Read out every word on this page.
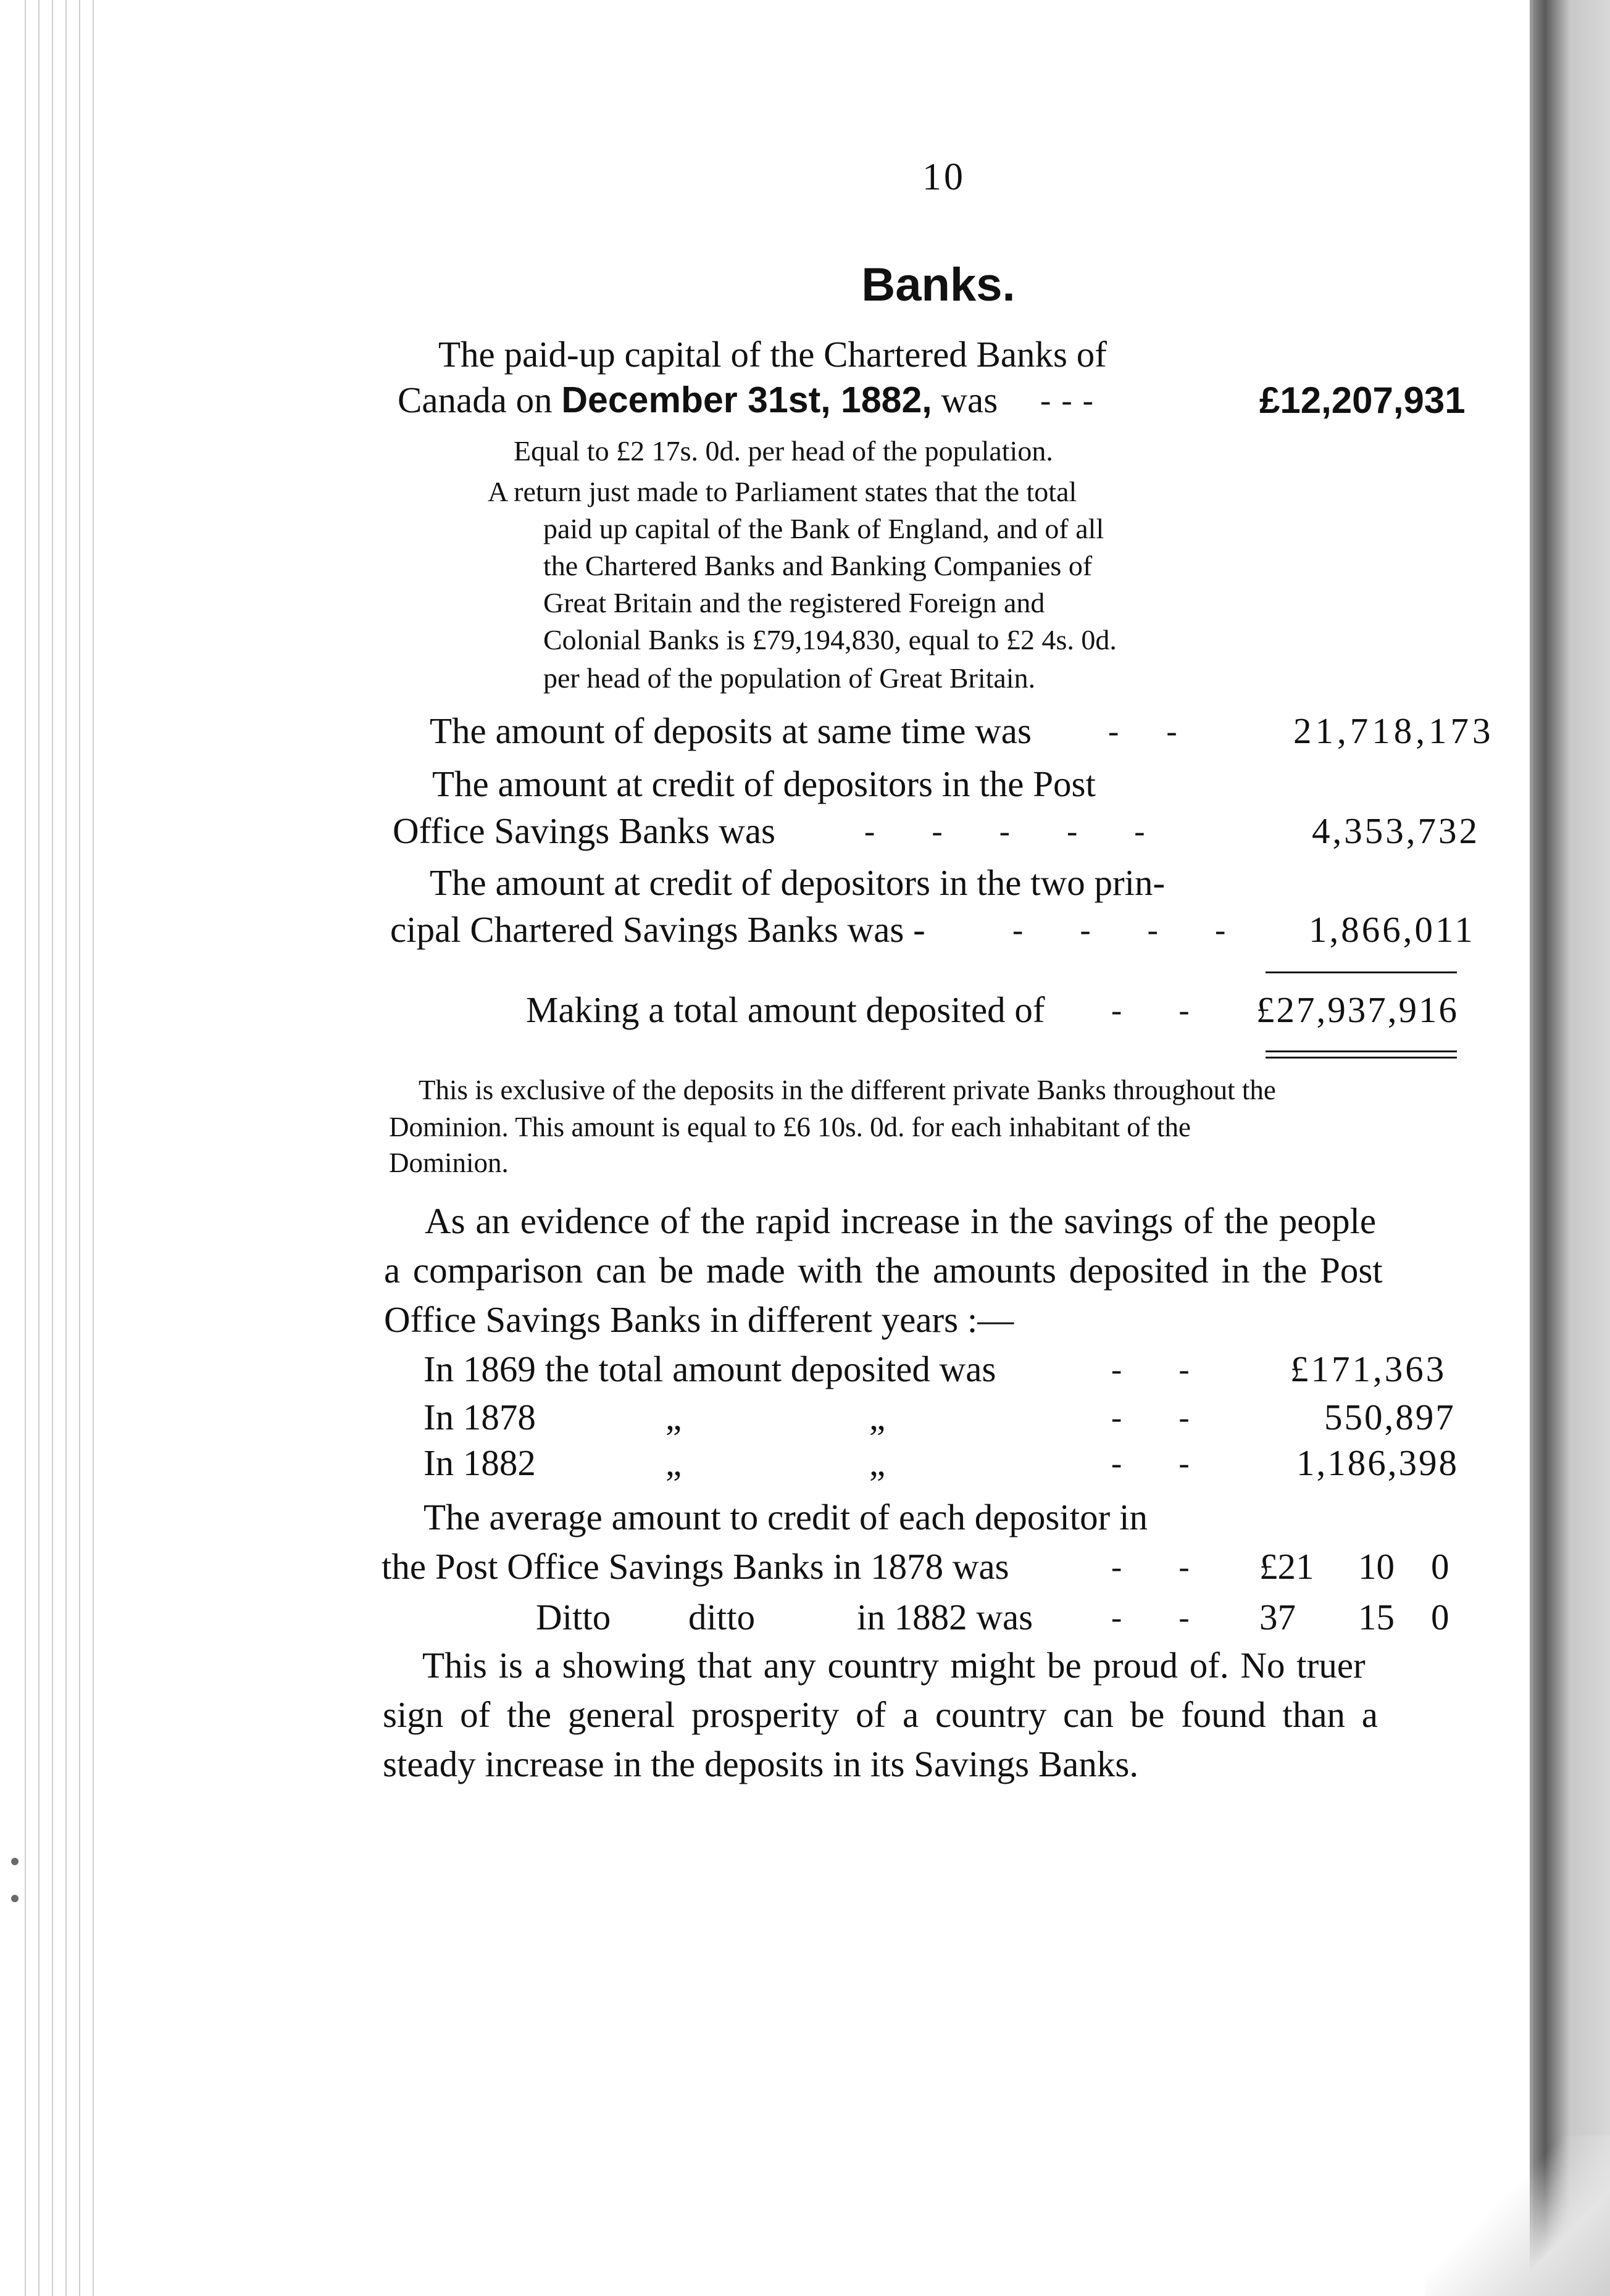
10
Banks.
The paid-up capital of the Chartered Banks of
Canada on December 31st, 1882, was - - -	£12,207,931
Equal to £2 17s. 0d. per head of the population.
A return just made to Parliament states that the total
paid up capital of the Bank of England, and of all
the Chartered Banks and Banking Companies of
Great Britain and the registered Foreign and
Colonial Banks is £79,194,830, equal to £2 4s. 0d.
per head of the population of Great Britain.
The amount of deposits at same time was -     -	21,718,173
The amount at credit of depositors in the Post
Office Savings Banks was	-      -      -      -      -	4,353,732
The amount at credit of depositors in the two prin-
cipal Chartered Savings Banks was -	-      -      -      - 1,866,011
Making a total amount deposited of -      - £27,937,916
This is exclusive of the deposits in the different private Banks throughout the
Dominion. This amount is equal to £6 10s. 0d. for each inhabitant of the
Dominion.
As an evidence of the rapid increase in the savings of the people
a comparison can be made with the amounts deposited in the Post
Office Savings Banks in different years :—
In 1869 the total amount deposited was	-      -	£171,363
In 1878	„	„	-      -	550,897
In 1882	„	„	-      -	1,186,398
The average amount to credit of each depositor in
the Post Office Savings Banks in 1878 was	-      - £21 10 0
Ditto ditto	in 1882 was -      - 37 15 0
This is a showing that any country might be proud of. No truer
sign of the general prosperity of a country can be found than a
steady increase in the deposits in its Savings Banks.
